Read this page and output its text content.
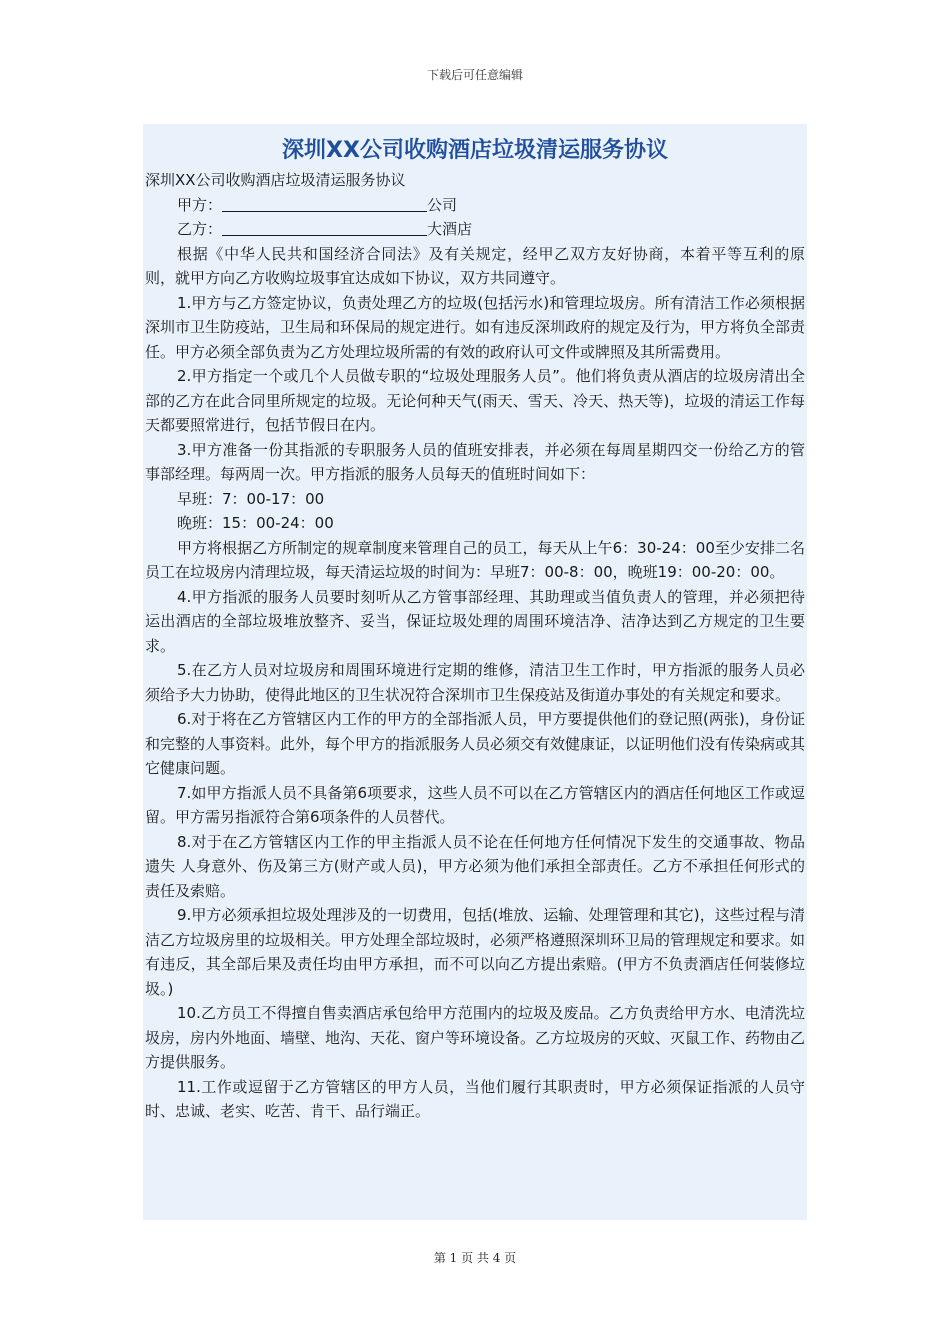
下载后可任意编辑
深圳XX公司收购酒店垃圾清运服务协议

深圳XX公司收购酒店垃圾清运服务协议

甲方：	公司

乙方：	大酒店

根据《中华人民共和国经济合同法》及有关规定，经甲乙双方友好协商，本着平等互利的原则，就甲方向乙方收购垃圾事宜达成如下协议，双方共同遵守。

1.甲方与乙方签定协议，负责处理乙方的垃圾(包括污水)和管理垃圾房。所有清洁工作必须根据深圳市卫生防疫站，卫生局和环保局的规定进行。如有违反深圳政府的规定及行为，甲方将负全部责任。甲方必须全部负责为乙方处理垃圾所需的有效的政府认可文件或牌照及其所需费用。

2.甲方指定一个或几个人员做专职的“垃圾处理服务人员”。他们将负责从酒店的垃圾房清出全部的乙方在此合同里所规定的垃圾。无论何种天气(雨天、雪天、冷天、热天等)，垃圾的清运工作每天都要照常进行，包括节假日在内。

3.甲方准备一份其指派的专职服务人员的值班安排表，并必须在每周星期四交一份给乙方的管事部经理。每两周一次。甲方指派的服务人员每天的值班时间如下：

早班：7：00-17：00

晚班：15：00-24：00

甲方将根据乙方所制定的规章制度来管理自己的员工，每天从上午6：30-24：00至少安排二名员工在垃圾房内清理垃圾，每天清运垃圾的时间为：早班7：00-8：00，晚班19：00-20：00。

4.甲方指派的服务人员要时刻听从乙方管事部经理、其助理或当值负责人的管理，并必须把待运出酒店的全部垃圾堆放整齐、妥当，保证垃圾处理的周围环境洁净、洁净达到乙方规定的卫生要求。

5.在乙方人员对垃圾房和周围环境进行定期的维修，清洁卫生工作时，甲方指派的服务人员必须给予大力协助，使得此地区的卫生状况符合深圳市卫生保疫站及街道办事处的有关规定和要求。

6.对于将在乙方管辖区内工作的甲方的全部指派人员，甲方要提供他们的登记照(两张)，身份证和完整的人事资料。此外，每个甲方的指派服务人员必须交有效健康证，以证明他们没有传染病或其它健康问题。

7.如甲方指派人员不具备第6项要求，这些人员不可以在乙方管辖区内的酒店任何地区工作或逗留。甲方需另指派符合第6项条件的人员替代。

8.对于在乙方管辖区内工作的甲主指派人员不论在任何地方任何情况下发生的交通事故、物品遗失 人身意外、伤及第三方(财产或人员)，甲方必须为他们承担全部责任。乙方不承担任何形式的责任及索赔。

9.甲方必须承担垃圾处理涉及的一切费用，包括(堆放、运输、处理管理和其它)，这些过程与清洁乙方垃圾房里的垃圾相关。甲方处理全部垃圾时，必须严格遵照深圳环卫局的管理规定和要求。如有违反，其全部后果及责任均由甲方承担，而不可以向乙方提出索赔。(甲方不负责酒店任何装修垃圾。)

10.乙方员工不得擅自售卖酒店承包给甲方范围内的垃圾及废品。乙方负责给甲方水、电清洗垃圾房，房内外地面、墙壁、地沟、天花、窗户等环境设备。乙方垃圾房的灭蚊、灭鼠工作、药物由乙方提供服务。

11.工作或逗留于乙方管辖区的甲方人员，当他们履行其职责时，甲方必须保证指派的人员守时、忠诚、老实、吃苦、肯干、品行端正。

第 1 页 共 4 页
